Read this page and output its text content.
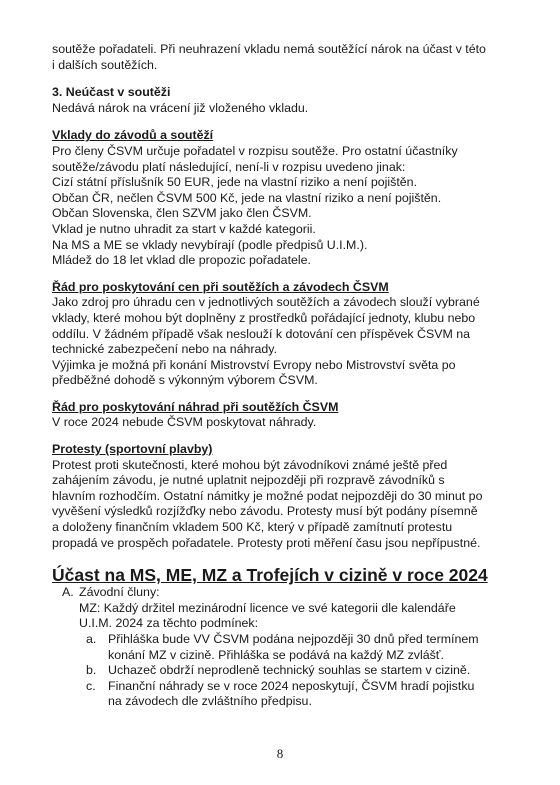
soutěže pořadateli. Při neuhrazení vkladu nemá soutěžící nárok na účast v této

i dalších soutěžích.

3. Neúčast v soutěži

Nedává nárok na vrácení již vloženého vkladu.

Vklady do závodů a soutěží

Pro členy ČSVM určuje pořadatel v rozpisu soutěže. Pro ostatní účastníky

soutěže/závodu platí následující, není-li v rozpisu uvedeno jinak:

Cizí státní příslušník 50 EUR, jede na vlastní riziko a není pojištěn.

Občan ČR, nečlen ČSVM 500 Kč, jede na vlastní riziko a není pojištěn.

Občan Slovenska, člen SZVM jako člen ČSVM.

Vklad je nutno uhradit za start v každé kategorii.

Na MS a ME se vklady nevybírají (podle předpisů U.I.M.).

Mládež do 18 let vklad dle propozic pořadatele.

Řád pro poskytování cen při soutěžích a závodech ČSVM

Jako zdroj pro úhradu cen v jednotlivých soutěžích a závodech slouží vybrané

vklady, které mohou být doplněny z prostředků pořádající jednoty, klubu nebo

oddílu. V žádném případě však neslouží k dotování cen příspěvek ČSVM na

technické zabezpečení nebo na náhrady.

Výjimka je možná při konání Mistrovství Evropy nebo Mistrovství světa po

předběžné dohodě s výkonným výborem ČSVM.

Řád pro poskytování náhrad při soutěžích ČSVM

V roce 2024 nebude ČSVM poskytovat náhrady.

Protesty (sportovní plavby)

Protest proti skutečnosti, které mohou být závodníkovi známé ještě před

zahájením závodu, je nutné uplatnit nejpozději při rozpravě závodníků s

hlavním rozhodčím. Ostatní námitky je možné podat nejpozději do 30 minut po

vyvěšení výsledků rozjížďky nebo závodu. Protesty musí být podány písemně

a doloženy finančním vkladem 500 Kč, který v případě zamítnutí protestu

propadá ve prospěch pořadatele. Protesty proti měření času jsou nepřípustné.

Účast na MS, ME, MZ a Trofejích v cizině v roce 2024

A. Závodní čluny:

MZ: Každý držitel mezinárodní licence ve své kategorii dle kalendáře

U.I.M. 2024 za těchto podmínek:

a. Přihláška bude VV ČSVM podána nejpozději 30 dnů před termínem

konání MZ v cizině. Přihláška se podává na každý MZ zvlášť.

b. Uchazeč obdrží neprodleně technický souhlas se startem v cizině.

c. Finanční náhrady se v roce 2024 neposkytují, ČSVM hradí pojistku

na závodech dle zvláštního předpisu.

8
